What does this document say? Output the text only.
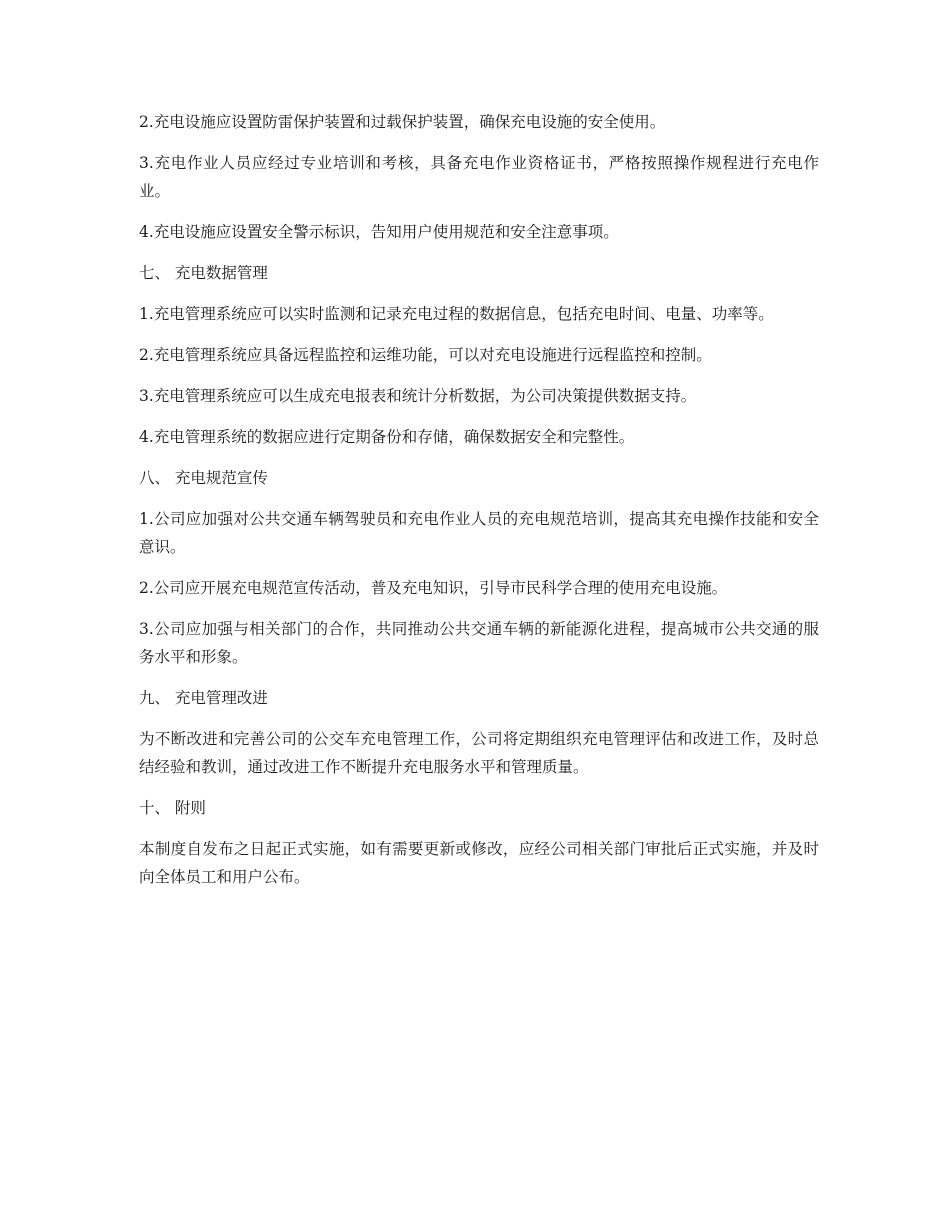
2.充电设施应设置防雷保护装置和过载保护装置，确保充电设施的安全使用。

3.充电作业人员应经过专业培训和考核，具备充电作业资格证书，严格按照操作规程进行充电作业。

4.充电设施应设置安全警示标识，告知用户使用规范和安全注意事项。

七、 充电数据管理

1.充电管理系统应可以实时监测和记录充电过程的数据信息，包括充电时间、电量、功率等。

2.充电管理系统应具备远程监控和运维功能，可以对充电设施进行远程监控和控制。

3.充电管理系统应可以生成充电报表和统计分析数据，为公司决策提供数据支持。

4.充电管理系统的数据应进行定期备份和存储，确保数据安全和完整性。

八、 充电规范宣传

1.公司应加强对公共交通车辆驾驶员和充电作业人员的充电规范培训，提高其充电操作技能和安全意识。

2.公司应开展充电规范宣传活动，普及充电知识，引导市民科学合理的使用充电设施。

3.公司应加强与相关部门的合作，共同推动公共交通车辆的新能源化进程，提高城市公共交通的服务水平和形象。

九、 充电管理改进

为不断改进和完善公司的公交车充电管理工作，公司将定期组织充电管理评估和改进工作，及时总结经验和教训，通过改进工作不断提升充电服务水平和管理质量。

十、 附则

本制度自发布之日起正式实施，如有需要更新或修改，应经公司相关部门审批后正式实施，并及时向全体员工和用户公布。
